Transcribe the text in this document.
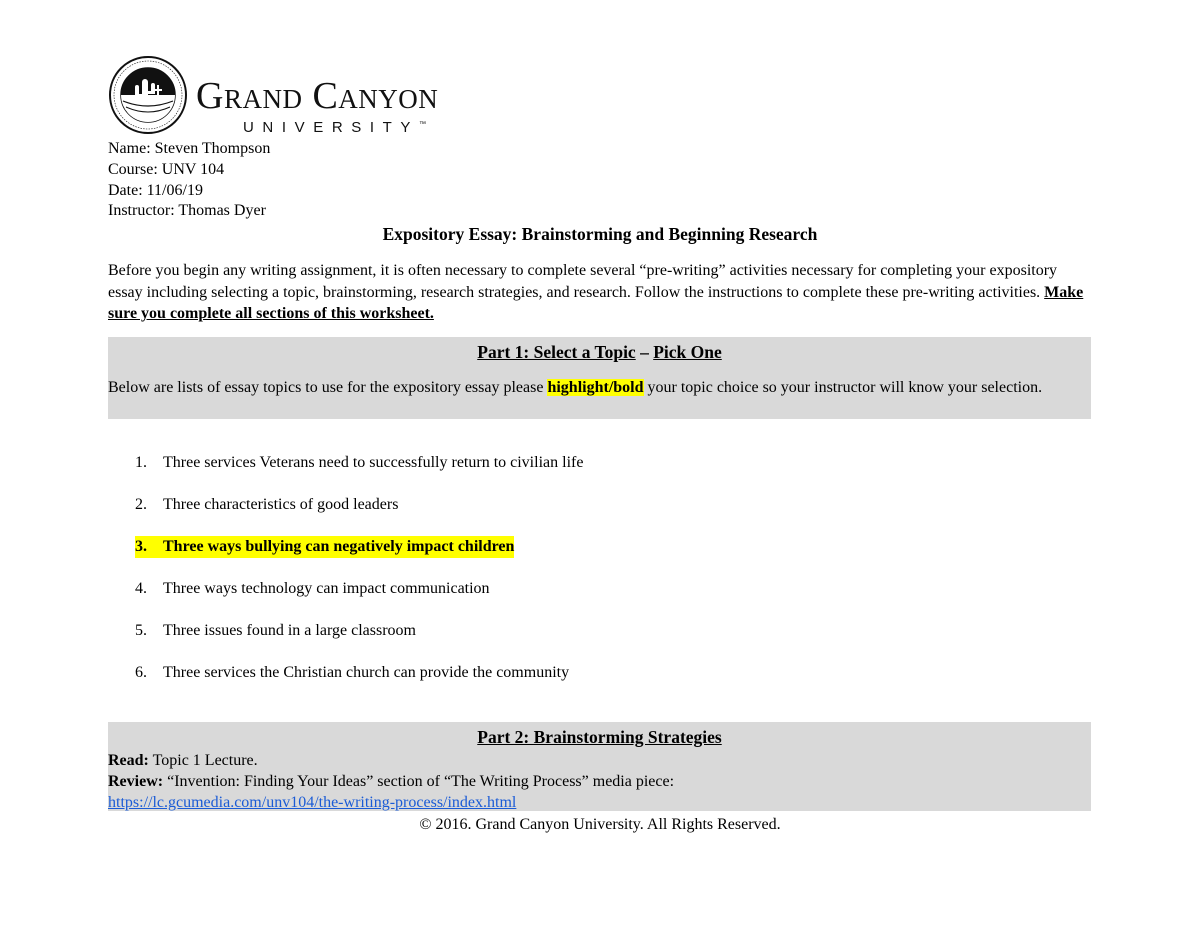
Grand Canyon
UNIVERSITY™
Name: Steven Thompson
Course: UNV 104
Date: 11/06/19
Instructor: Thomas Dyer
Expository Essay: Brainstorming and Beginning Research
Before you begin any writing assignment, it is often necessary to complete several “pre-writing” activities necessary for completing your expository essay including selecting a topic, brainstorming, research strategies, and research. Follow the instructions to complete these pre-writing activities. Make sure you complete all sections of this worksheet.
Part 1: Select a Topic – Pick One
Below are lists of essay topics to use for the expository essay please highlight/bold your topic choice so your instructor will know your selection.
1.	Three services Veterans need to successfully return to civilian life
2.	Three characteristics of good leaders
3.	Three ways bullying can negatively impact children
4.	Three ways technology can impact communication
5.	Three issues found in a large classroom
6.	Three services the Christian church can provide the community
Part 2: Brainstorming Strategies
Read: Topic 1 Lecture.
Review: “Invention: Finding Your Ideas” section of “The Writing Process” media piece:
https://lc.gcumedia.com/unv104/the-writing-process/index.html
© 2016. Grand Canyon University. All Rights Reserved.
